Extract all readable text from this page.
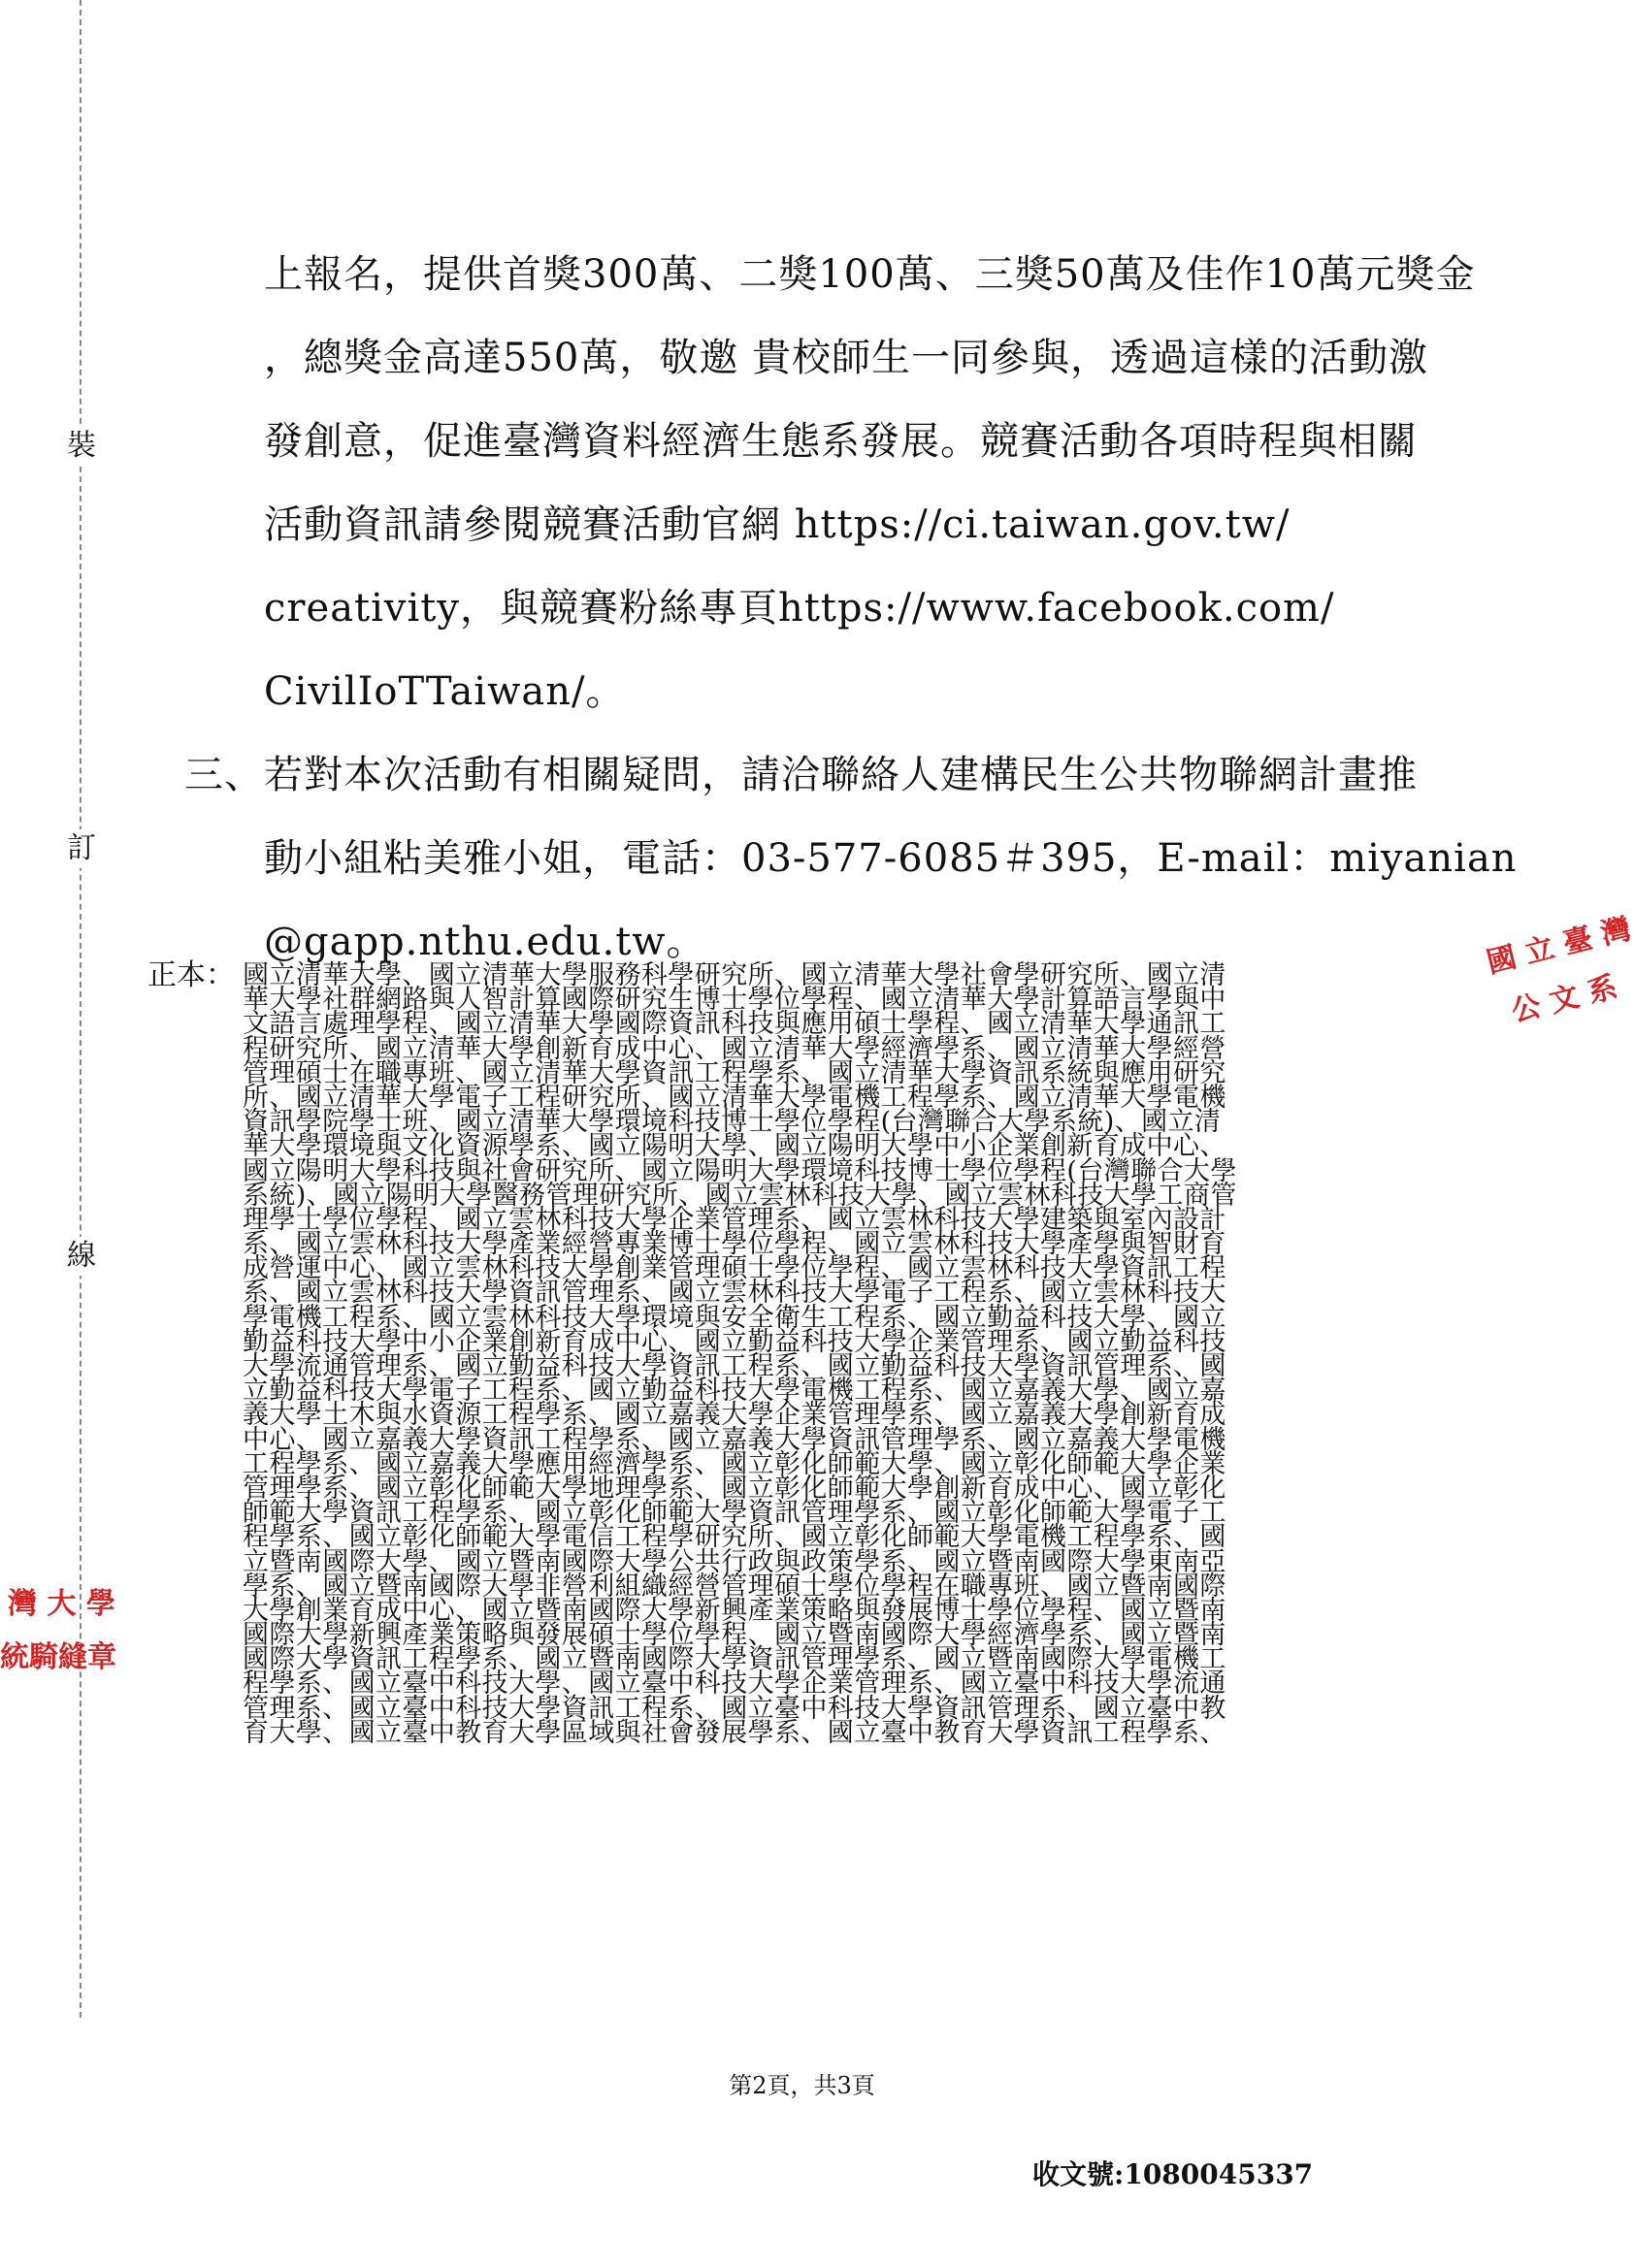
裝
訂
線
上報名，提供首獎300萬、二獎100萬、三獎50萬及佳作10萬元獎金
，總獎金高達550萬，敬邀 貴校師生一同參與，透過這樣的活動激
發創意，促進臺灣資料經濟生態系發展。競賽活動各項時程與相關
活動資訊請參閱競賽活動官網 https://ci.taiwan.gov.tw/
creativity，與競賽粉絲專頁https://www.facebook.com/
CivilIoTTaiwan/。
三、若對本次活動有相關疑問，請洽聯絡人建構民生公共物聯網計畫推
動小組粘美雅小姐，電話：03-577-6085＃395，E-mail：miyanian
@gapp.nthu.edu.tw。
正本： 國立清華大學、國立清華大學服務科學研究所、國立清華大學社會學研究所、國立清
華大學社群網路與人智計算國際研究生博士學位學程、國立清華大學計算語言學與中
文語言處理學程、國立清華大學國際資訊科技與應用碩士學程、國立清華大學通訊工
程研究所、國立清華大學創新育成中心、國立清華大學經濟學系、國立清華大學經營
管理碩士在職專班、國立清華大學資訊工程學系、國立清華大學資訊系統與應用研究
所、國立清華大學電子工程研究所、國立清華大學電機工程學系、國立清華大學電機
資訊學院學士班、國立清華大學環境科技博士學位學程(台灣聯合大學系統)、國立清
華大學環境與文化資源學系、國立陽明大學、國立陽明大學中小企業創新育成中心、
國立陽明大學科技與社會研究所、國立陽明大學環境科技博士學位學程(台灣聯合大學
系統)、國立陽明大學醫務管理研究所、國立雲林科技大學、國立雲林科技大學工商管
理學士學位學程、國立雲林科技大學企業管理系、國立雲林科技大學建築與室內設計
系、國立雲林科技大學產業經營專業博士學位學程、國立雲林科技大學產學與智財育
成營運中心、國立雲林科技大學創業管理碩士學位學程、國立雲林科技大學資訊工程
系、國立雲林科技大學資訊管理系、國立雲林科技大學電子工程系、國立雲林科技大
學電機工程系、國立雲林科技大學環境與安全衛生工程系、國立勤益科技大學、國立
勤益科技大學中小企業創新育成中心、國立勤益科技大學企業管理系、國立勤益科技
大學流通管理系、國立勤益科技大學資訊工程系、國立勤益科技大學資訊管理系、國
立勤益科技大學電子工程系、國立勤益科技大學電機工程系、國立嘉義大學、國立嘉
義大學土木與水資源工程學系、國立嘉義大學企業管理學系、國立嘉義大學創新育成
中心、國立嘉義大學資訊工程學系、國立嘉義大學資訊管理學系、國立嘉義大學電機
工程學系、國立嘉義大學應用經濟學系、國立彰化師範大學、國立彰化師範大學企業
管理學系、國立彰化師範大學地理學系、國立彰化師範大學創新育成中心、國立彰化
師範大學資訊工程學系、國立彰化師範大學資訊管理學系、國立彰化師範大學電子工
程學系、國立彰化師範大學電信工程學研究所、國立彰化師範大學電機工程學系、國
立暨南國際大學、國立暨南國際大學公共行政與政策學系、國立暨南國際大學東南亞
學系、國立暨南國際大學非營利組織經營管理碩士學位學程在職專班、國立暨南國際
大學創業育成中心、國立暨南國際大學新興產業策略與發展博士學位學程、國立暨南
國際大學新興產業策略與發展碩士學位學程、國立暨南國際大學經濟學系、國立暨南
國際大學資訊工程學系、國立暨南國際大學資訊管理學系、國立暨南國際大學電機工
程學系、國立臺中科技大學、國立臺中科技大學企業管理系、國立臺中科技大學流通
管理系、國立臺中科技大學資訊工程系、國立臺中科技大學資訊管理系、國立臺中教
育大學、國立臺中教育大學區域與社會發展學系、國立臺中教育大學資訊工程學系、
國 立 臺 灣
公 文 系
灣 大 學
統騎縫章
第2頁，共3頁
收文號:1080045337
